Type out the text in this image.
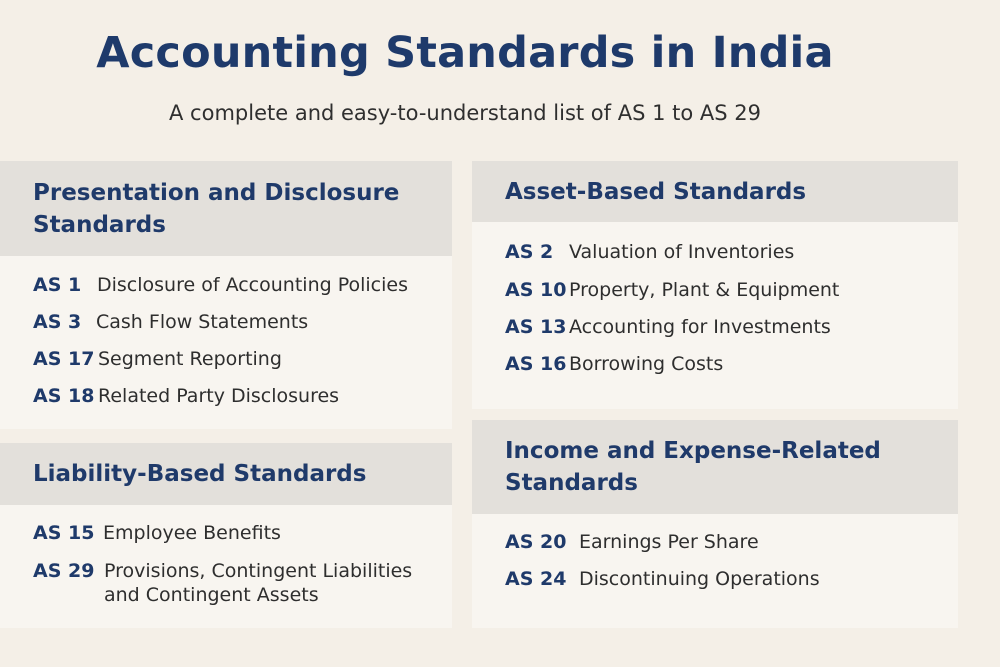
Accounting Standards in India
A complete and easy-to-understand list of AS 1 to AS 29
Presentation and Disclosure
Standards
AS 1 Disclosure of Accounting Policies
AS 3 Cash Flow Statements
AS 17 Segment Reporting
AS 18 Related Party Disclosures
Liability-Based Standards
AS 15 Employee Benefits
AS 29 Provisions, Contingent Liabilities
and Contingent Assets
Asset-Based Standards
AS 2 Valuation of Inventories
AS 10 Property, Plant & Equipment
AS 13 Accounting for Investments
AS 16 Borrowing Costs
Income and Expense-Related
Standards
AS 20 Earnings Per Share
AS 24 Discontinuing Operations
